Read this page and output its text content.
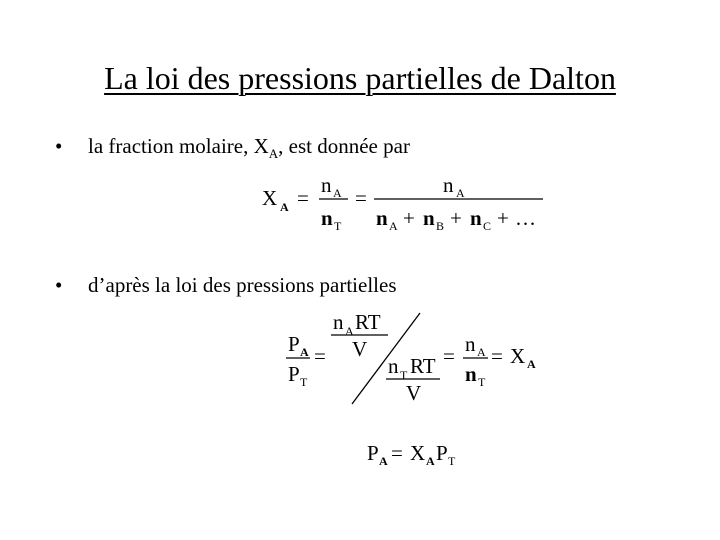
La loi des pressions partielles de Dalton
• la fraction molaire, $X_A$, est donnée par
X A =
n A
n T
=
n A
n A + n B + n C + …
• d’après la loi des pressions partielles
P A
P T
=
n A RT
V
n T RT
V
= n A
n T
= X A
P A = X A P T
